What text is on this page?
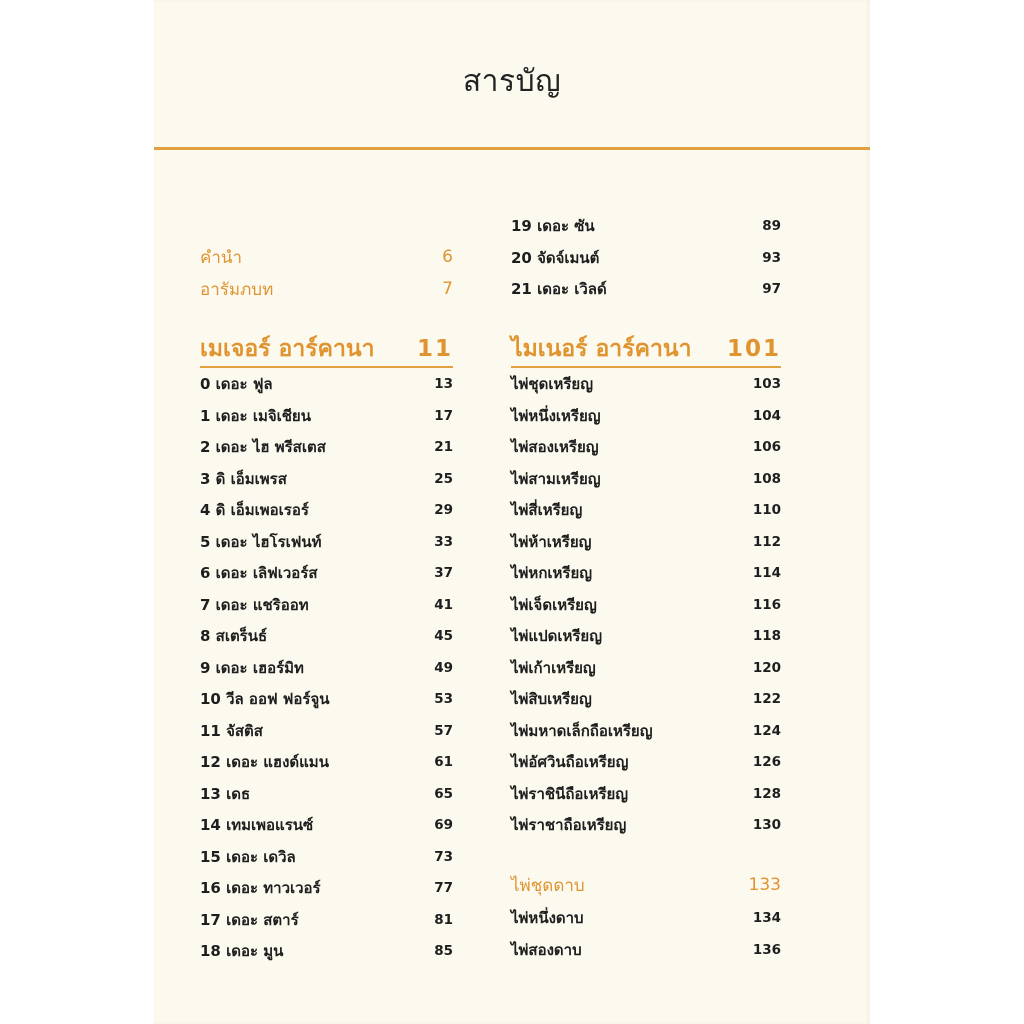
สารบัญ
คำนำ	6
อารัมภบท	7
เมเจอร์ อาร์คานา 11
0 เดอะ ฟูล	13
1 เดอะ เมจิเชียน	17
2 เดอะ ไฮ พรีสเตส	21
3 ดิ เอ็มเพรส	25
4 ดิ เอ็มเพอเรอร์	29
5 เดอะ ไฮโรเฟนท์	33
6 เดอะ เลิฟเวอร์ส	37
7 เดอะ แชริออท	41
8 สเตร็นธ์	45
9 เดอะ เฮอร์มิท	49
10 วีล ออฟ ฟอร์จูน	53
11 จัสติส	57
12 เดอะ แฮงด์แมน	61
13 เดธ	65
14 เทมเพอแรนซ์	69
15 เดอะ เดวิล	73
16 เดอะ ทาวเวอร์	77
17 เดอะ สตาร์	81
18 เดอะ มูน	85
19 เดอะ ซัน	89
20 จัดจ์เมนต์	93
21 เดอะ เวิลด์	97
ไมเนอร์ อาร์คานา 101
ไพ่ชุดเหรียญ	103
ไพ่หนึ่งเหรียญ	104
ไพ่สองเหรียญ	106
ไพ่สามเหรียญ	108
ไพ่สี่เหรียญ	110
ไพ่ห้าเหรียญ	112
ไพ่หกเหรียญ	114
ไพ่เจ็ดเหรียญ	116
ไพ่แปดเหรียญ	118
ไพ่เก้าเหรียญ	120
ไพ่สิบเหรียญ	122
ไพ่มหาดเล็กถือเหรียญ	124
ไพ่อัศวินถือเหรียญ	126
ไพ่ราชินีถือเหรียญ	128
ไพ่ราชาถือเหรียญ	130
ไพ่ชุดดาบ	133
ไพ่หนึ่งดาบ	134
ไพ่สองดาบ	136
